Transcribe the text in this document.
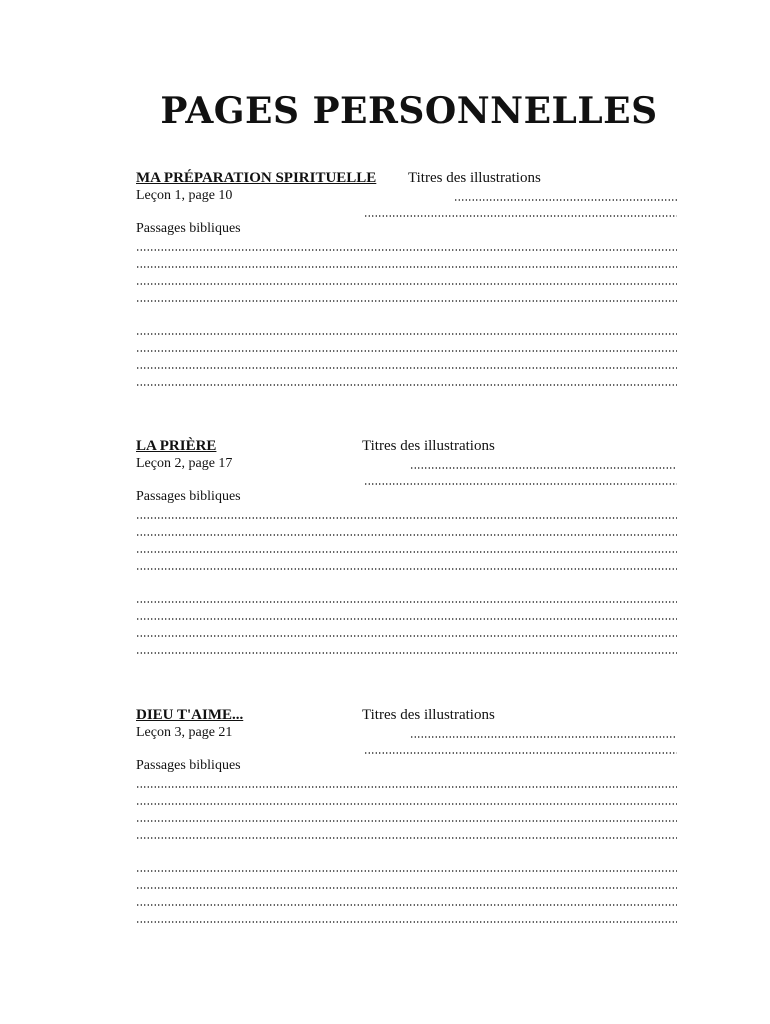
PAGES PERSONNELLES
MA PRÉPARATION SPIRITUELLE Titres des illustrations
Leçon 1, page 10
Passages bibliques
LA PRIÈRE	Titres des illustrations
Leçon 2, page 17
Passages bibliques
DIEU T'AIME...	Titres des illustrations
Leçon 3, page 21
Passages bibliques
